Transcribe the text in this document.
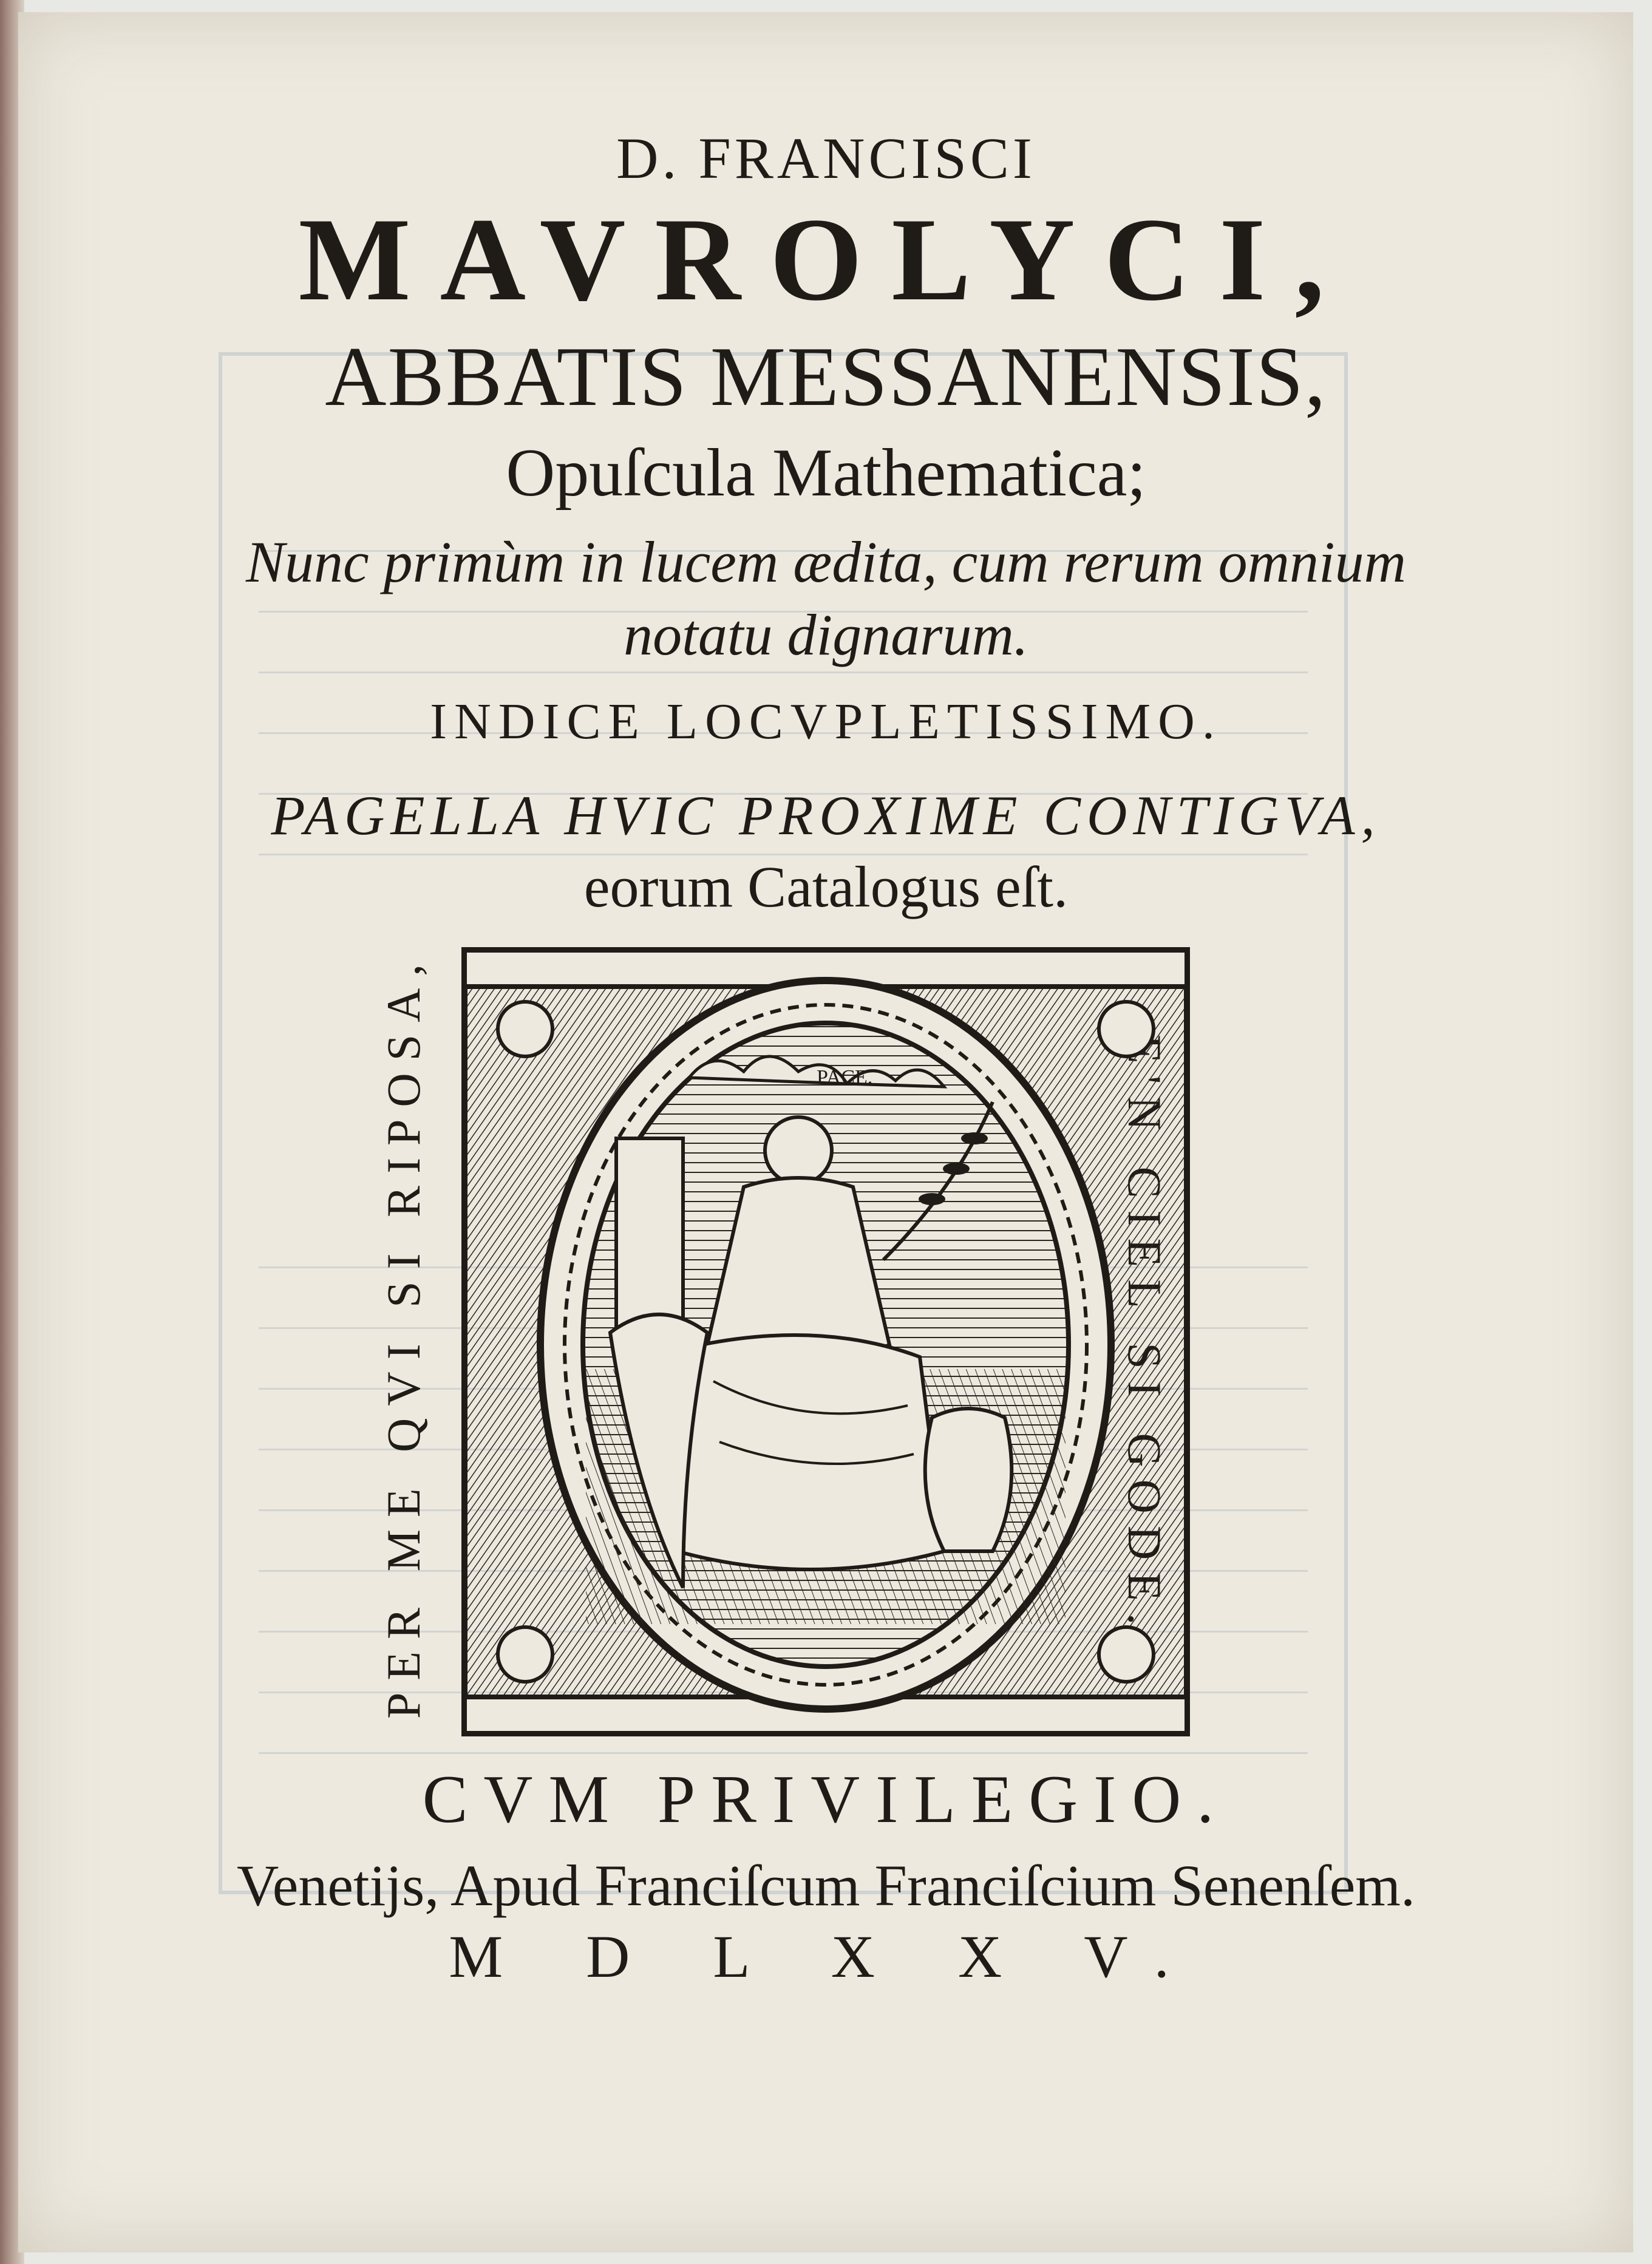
D. FRANCISCI
MAVROLYCI,
ABBATIS MESSANENSIS,
Opuſcula Mathematica;
Nunc primùm in lucem ædita, cum rerum omnium
notatu dignarum.
INDICE LOCVPLETISSIMO.
PAGELLA HVIC PROXIME CONTIGVA,
eorum Catalogus eſt.
PER ME QVI SI RIPOSA,	PACE.
CVM PRIVILEGIO.
Venetijs, Apud Franciſcum Franciſcium Senenſem.
M D L X X V.
